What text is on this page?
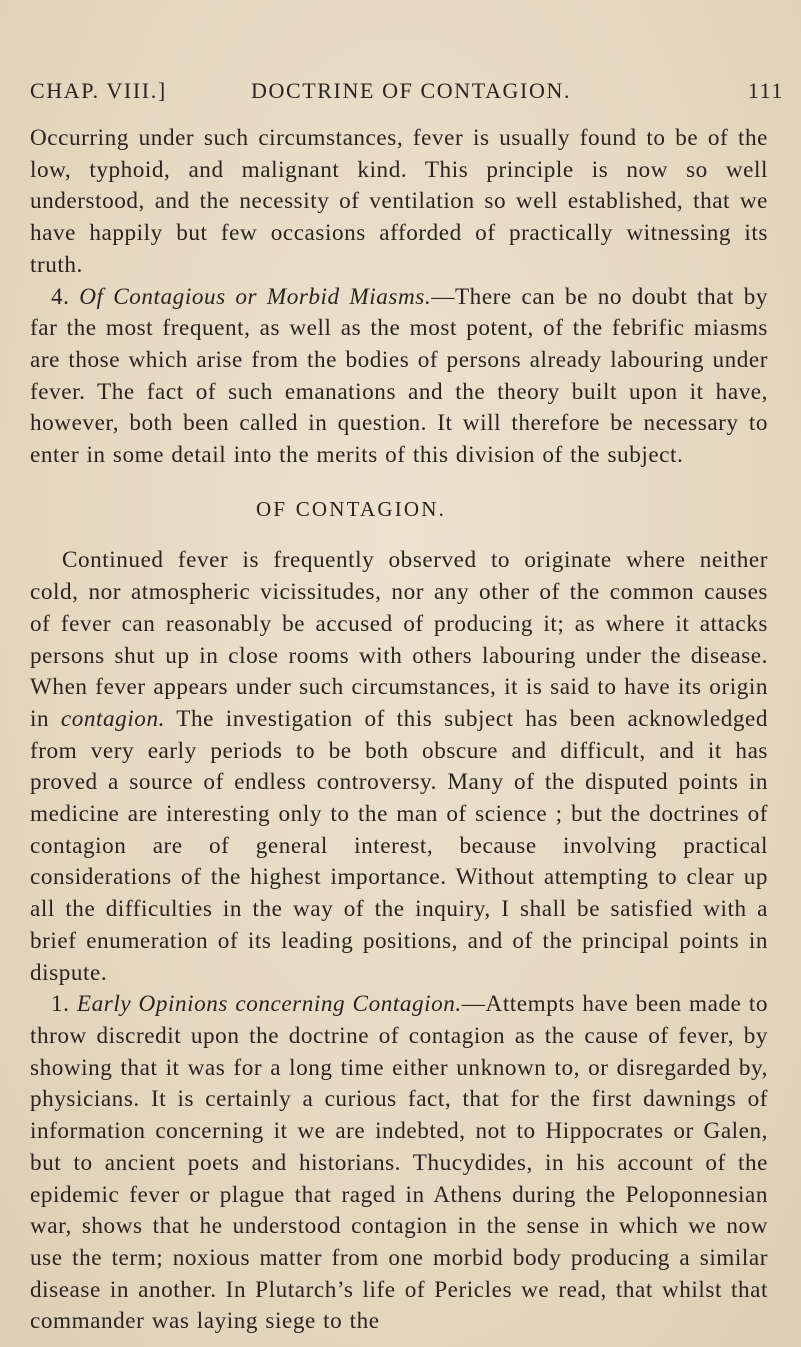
CHAP. VIII.]	DOCTRINE OF CONTAGION.	111

Occurring under such circumstances, fever is usually found to be of the low, typhoid, and malignant kind. This principle is now so well understood, and the necessity of ventilation so well established, that we have happily but few occasions afforded of practically witnessing its truth.

4. Of Contagious or Morbid Miasms.—There can be no doubt that by far the most frequent, as well as the most potent, of the febrific miasms are those which arise from the bodies of persons already labouring under fever. The fact of such emanations and the theory built upon it have, however, both been called in question. It will therefore be necessary to enter in some detail into the merits of this division of the subject.

OF CONTAGION.

Continued fever is frequently observed to originate where neither cold, nor atmospheric vicissitudes, nor any other of the common causes of fever can reasonably be accused of producing it; as where it attacks persons shut up in close rooms with others labouring under the disease. When fever appears under such circumstances, it is said to have its origin in contagion. The investigation of this subject has been acknowledged from very early periods to be both obscure and difficult, and it has proved a source of endless controversy. Many of the disputed points in medicine are interesting only to the man of science ; but the doctrines of contagion are of general interest, because involving practical considerations of the highest importance. Without attempting to clear up all the difficulties in the way of the inquiry, I shall be satisfied with a brief enumeration of its leading positions, and of the principal points in dispute.

1. Early Opinions concerning Contagion.—Attempts have been made to throw discredit upon the doctrine of contagion as the cause of fever, by showing that it was for a long time either unknown to, or disregarded by, physicians. It is certainly a curious fact, that for the first dawnings of information concerning it we are indebted, not to Hippocrates or Galen, but to ancient poets and historians. Thucydides, in his account of the epidemic fever or plague that raged in Athens during the Peloponnesian war, shows that he understood contagion in the sense in which we now use the term; noxious matter from one morbid body producing a similar disease in another. In Plutarch’s life of Pericles we read, that whilst that commander was laying siege to the
